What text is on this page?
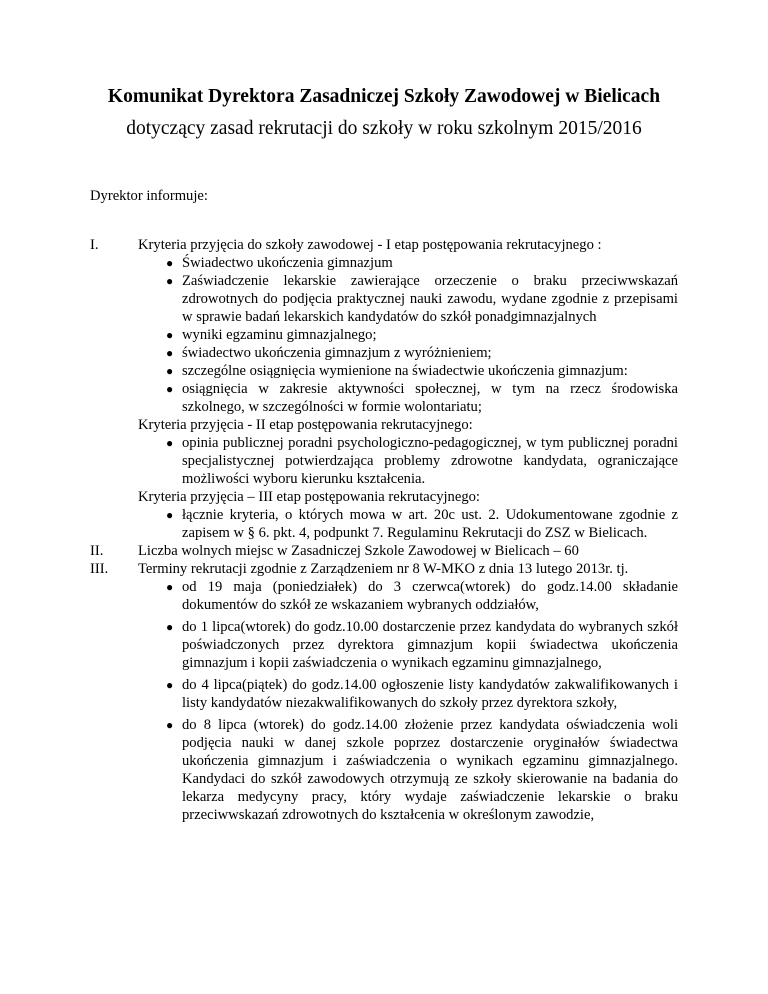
Komunikat Dyrektora Zasadniczej Szkoły Zawodowej w Bielicach
dotyczący zasad rekrutacji do szkoły w roku szkolnym 2015/2016
Dyrektor informuje:
I.	Kryteria przyjęcia do szkoły zawodowej - I etap postępowania rekrutacyjnego :
● Świadectwo ukończenia gimnazjum
● Zaświadczenie lekarskie zawierające orzeczenie o braku przeciwwskazań zdrowotnych do podjęcia praktycznej nauki zawodu, wydane zgodnie z przepisami w sprawie badań lekarskich kandydatów do szkół ponadgimnazjalnych
● wyniki egzaminu gimnazjalnego;
● świadectwo ukończenia gimnazjum z wyróżnieniem;
● szczególne osiągnięcia wymienione na świadectwie ukończenia gimnazjum:
● osiągnięcia w zakresie aktywności społecznej, w tym na rzecz środowiska szkolnego, w szczególności w formie wolontariatu;
Kryteria przyjęcia - II etap postępowania rekrutacyjnego:
● opinia publicznej poradni psychologiczno-pedagogicznej, w tym publicznej poradni specjalistycznej potwierdzająca problemy zdrowotne kandydata, ograniczające możliwości wyboru kierunku kształcenia.
Kryteria przyjęcia – III etap postępowania rekrutacyjnego:
● łącznie kryteria, o których mowa w art. 20c ust. 2. Udokumentowane zgodnie z zapisem w § 6. pkt. 4, podpunkt 7. Regulaminu Rekrutacji do ZSZ w Bielicach.
II. Liczba wolnych miejsc w Zasadniczej Szkole Zawodowej w Bielicach – 60
III. Terminy rekrutacji zgodnie z Zarządzeniem nr 8 W-MKO z dnia 13 lutego 2013r. tj.
● od 19 maja (poniedziałek) do 3 czerwca(wtorek) do godz.14.00 składanie dokumentów do szkół ze wskazaniem wybranych oddziałów,
● do 1 lipca(wtorek) do godz.10.00 dostarczenie przez kandydata do wybranych szkół poświadczonych przez dyrektora gimnazjum kopii świadectwa ukończenia gimnazjum i kopii zaświadczenia o wynikach egzaminu gimnazjalnego,
● do 4 lipca(piątek) do godz.14.00 ogłoszenie listy kandydatów zakwalifikowanych i listy kandydatów niezakwalifikowanych do szkoły przez dyrektora szkoły,
● do 8 lipca (wtorek) do godz.14.00 złożenie przez kandydata oświadczenia woli podjęcia nauki w danej szkole poprzez dostarczenie oryginałów świadectwa ukończenia gimnazjum i zaświadczenia o wynikach egzaminu gimnazjalnego. Kandydaci do szkół zawodowych otrzymują ze szkoły skierowanie na badania do lekarza medycyny pracy, który wydaje zaświadczenie lekarskie o braku przeciwwskazań zdrowotnych do kształcenia w określonym zawodzie,
